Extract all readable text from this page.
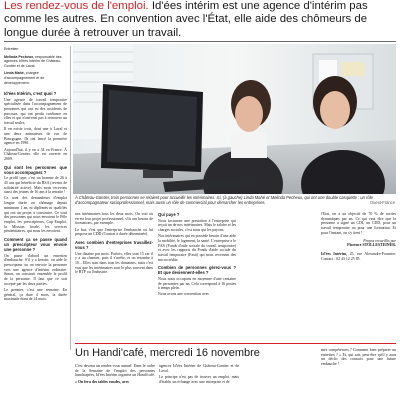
Les rendez-vous de l'emploi. Id'ées intérim est une agence d'intérim pas comme les autres. En convention avec l'État, elle aide des chômeurs de longue durée à retrouver un travail.
Entretien
Melinda Pecheux, responsable des agences Id'ées Intérim de Château-Gontier et de Laval.
Linda Mahé, chargée d'accompagnement et de développement.
Id'ées Intérim, c'est quoi ?

Une agence de travail temporaire spécialisée dans l'accompagnement de personnes qui ont eu des accidents de parcours, qui ont perdu confiance en elles et qui n'arrivent pas à retrouver un travail seules.

Il en existe trois, dont une à Laval et une deux animateurs de rue de Bourgogne. Ils ont lancé la première agence en 1990.

Aujourd'hui, il y en a 34 en France. À Château-Gontier, elle est ouverte en 2009.

Qui sont les personnes que vous accompagnez ?

Le profil type, c'est un homme de 26 à 45 ans qui bénéficie du RSA (revenu de solidarité active). Mais nous recevons aussi des jeunes de 16 ans à la retraite !

Ce sont des demandeurs d'emploi longue durée ou chômage depuis minimum 1 an, ni diplômés ni qualifiés qui ont un projet à construire. Ce sont des personnes qui nous envoient le Pôle emploi, les prescripteurs, Cap Emploi, la Mission locale, les services pénitentiaires, qui nous les envoient.

Comment ça se passe quand un prescripteur vous envoie une personne ?

On passe d'abord un entretien d'embauche. S'il y a besoin, on aide le prescripteur ou on renvoie la personne vers une agence d'intérim ordinaire. Sinon, on construit ensemble le profil de la personne. Il faut que ce soit accepté par les deux parties.

Le premier, c'est une semaine. En général, ça dure 4 mois, la durée maximale étant de 24 mois.

À Château-Gontier, trois personnes se relaient pour accueillir les intérimaires. Ici, (à gauche) Linda Mahé et Melinda Pecheux, qui ont une double casquette : un rôle d'accompagnateur socioprofessionnel, mais aussi un rôle de commercial pour démarcher les entreprises.	Ouest-France

nos intérimaires tous les deux mois. On voit où en est leur projet professionnel, s'ils ont besoin de formations, par exemple.

Le but, c'est que l'entreprise l'embauche ou lui propose un CDD (Contrat à durée déterminée).

Avec combien d'entreprises travaillez-vous ?

Une dizaine par mois. Parfois, elles sont 15 car il y a un chantier, puis il s'arrête, et on retombe à 10... Elles sont dans tous les domaines, mais c'est vrai que les intérimaires sont le plus souvent dans le BTP ou l'industrie.

Qui paye ?

Nous facturons une prestation à l'entreprise qui reçoit un de nos intérimaires. Mais le salaire et les charges sociales, c'est nous qui les payons.

Nos intérimaires qui en possède besoin d'une aide la mobilité, le logement, la santé. L'entreprise a le FAS (Fonds d'aide sociale du travail temporaire) et avec les rapports du Fonds d'aide sociale du travail temporaire (Fastt) qui nous reversent des microcrédits.

Combien de personnes gérez-vous ? Et que deviennent-elles ?

Nous nous occupons en moyenne d'une centaine de personnes par an. Cela correspond à 16 postes à temps plein.

Nous avons une convention avec

l'État, on a un objectif de 70 % de sorties dynamiques par an. Ce qui veut dire que la personne a signé un CDI, un CDD, pour un travail temporaire ou pour une formation. Et pour l'instant, on s'y tient !

Propos recueillis par
Florence STOLLESTEINER.
Id'ées Intérim, 25, rue Alexandre-Fournier. Contact : 02 43 12 25 85.
Un Handi'café, mercredi 16 novembre

C'est devenu un rendez-vous annuel. Dans le cadre de la Semaine de l'emploi des personnes handicapées, Id'ées Intérim organise un Handi'café.

« On fera des tables rondes, avec

agences Id'ées Intérim de Château-Gontier et de Laval.

Le principe n'est pas de trouver un emploi, mais d'établir un échange avec une entreprise et de

mes compétences ? Comment bien préparer un entretien ? » Et, qui sait, peut-être qu'il y aura un déclic des contacts pour une future embauche !
